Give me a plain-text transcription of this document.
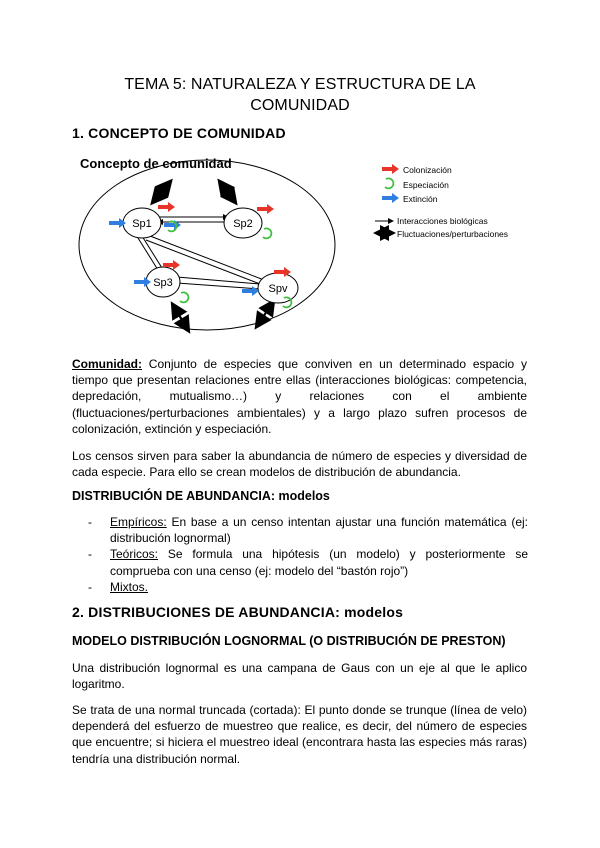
TEMA 5: NATURALEZA Y ESTRUCTURA DE LA
COMUNIDAD
1. CONCEPTO DE COMUNIDAD
Concepto de comunidad
Sp1	Sp2
Sp3	Spv
Colonización
Especiación
Extinción
Interacciones biológicas
Fluctuaciones/perturbaciones
Comunidad: Conjunto de especies que conviven en un determinado espacio y tiempo que presentan relaciones entre ellas (interacciones biológicas: competencia, depredación, mutualismo…) y relaciones con el ambiente (fluctuaciones/perturbaciones ambientales) y a largo plazo sufren procesos de colonización, extinción y especiación.
Los censos sirven para saber la abundancia de número de especies y diversidad de cada especie. Para ello se crean modelos de distribución de abundancia.
DISTRIBUCIÓN DE ABUNDANCIA: modelos
- Empíricos: En base a un censo intentan ajustar una función matemática (ej: distribución lognormal)
- Teóricos: Se formula una hipótesis (un modelo) y posteriormente se comprueba con una censo (ej: modelo del “bastón rojo”)
- Mixtos.
2. DISTRIBUCIONES DE ABUNDANCIA: modelos
MODELO DISTRIBUCIÓN LOGNORMAL (O DISTRIBUCIÓN DE PRESTON)
Una distribución lognormal es una campana de Gaus con un eje al que le aplico logaritmo.
Se trata de una normal truncada (cortada): El punto donde se trunque (línea de velo) dependerá del esfuerzo de muestreo que realice, es decir, del número de especies que encuentre; si hiciera el muestreo ideal (encontrara hasta las especies más raras) tendría una distribución normal.
